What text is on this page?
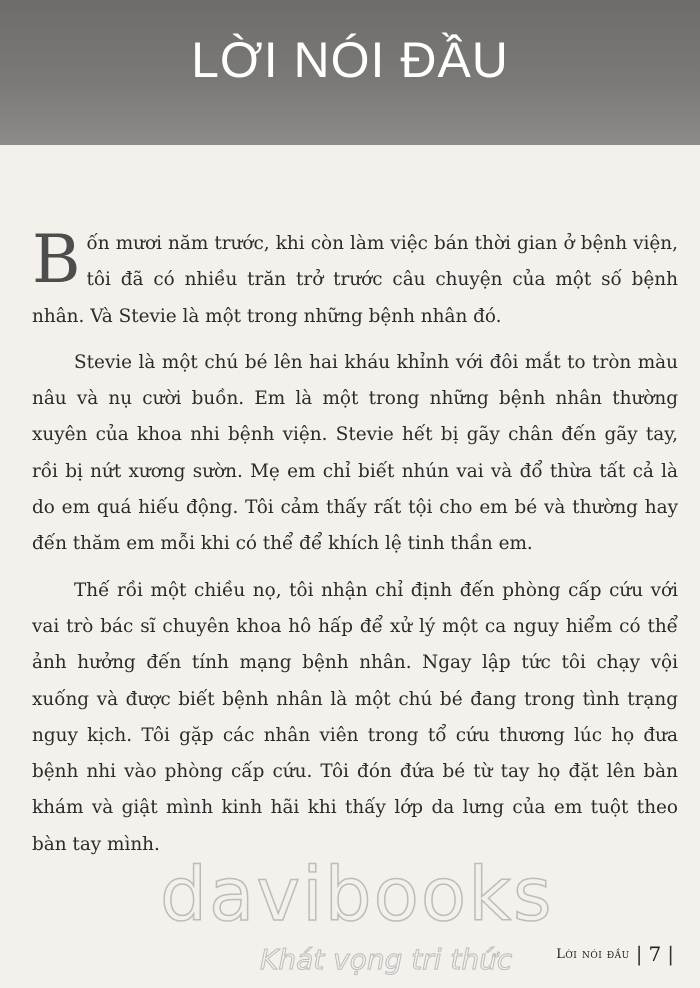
LỜI NÓI ĐẦU

Bốn mươi năm trước, khi còn làm việc bán thời gian ở bệnh viện, tôi đã có nhiều trăn trở trước câu chuyện của một số bệnh nhân. Và Stevie là một trong những bệnh nhân đó.

Stevie là một chú bé lên hai kháu khỉnh với đôi mắt to tròn màu nâu và nụ cười buồn. Em là một trong những bệnh nhân thường xuyên của khoa nhi bệnh viện. Stevie hết bị gãy chân đến gãy tay, rồi bị nứt xương sườn. Mẹ em chỉ biết nhún vai và đổ thừa tất cả là do em quá hiếu động. Tôi cảm thấy rất tội cho em bé và thường hay đến thăm em mỗi khi có thể để khích lệ tinh thần em.

Thế rồi một chiều nọ, tôi nhận chỉ định đến phòng cấp cứu với vai trò bác sĩ chuyên khoa hô hấp để xử lý một ca nguy hiểm có thể ảnh hưởng đến tính mạng bệnh nhân. Ngay lập tức tôi chạy vội xuống và được biết bệnh nhân là một chú bé đang trong tình trạng nguy kịch. Tôi gặp các nhân viên trong tổ cứu thương lúc họ đưa bệnh nhi vào phòng cấp cứu. Tôi đón đứa bé từ tay họ đặt lên bàn khám và giật mình kinh hãi khi thấy lớp da lưng của em tuột theo bàn tay mình.

davibooks
Khát vọng tri thức	Lời nói đầu | 7 |
